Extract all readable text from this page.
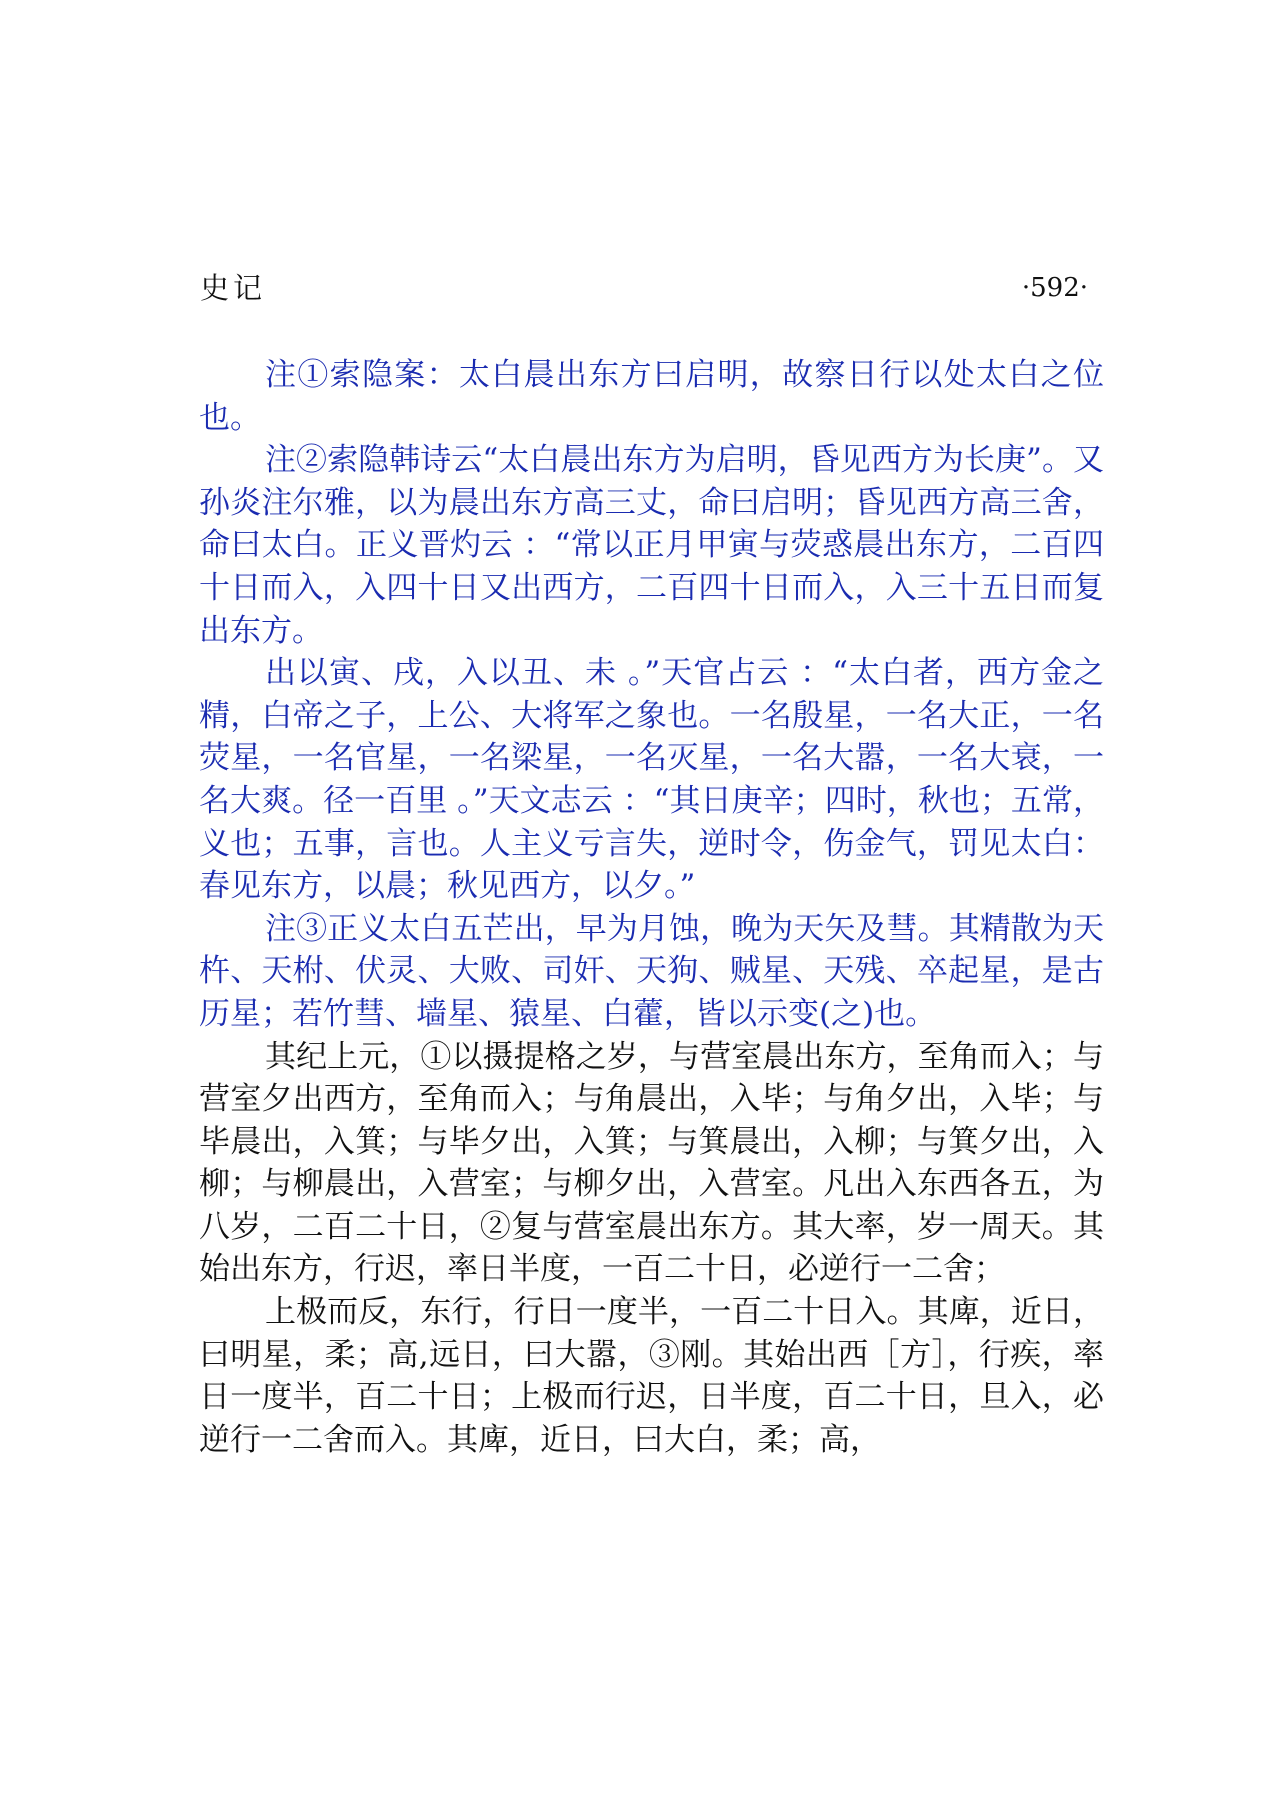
史记	·592·

注①索隐案：太白晨出东方曰启明，故察日行以处太白之位也。

注②索隐韩诗云“太白晨出东方为启明，昏见西方为长庚”。又孙炎注尔雅，以为晨出东方高三丈，命曰启明；昏见西方高三舍，命曰太白。正义晋灼云 ：“常以正月甲寅与荧惑晨出东方，二百四十日而入，入四十日又出西方，二百四十日而入，入三十五日而复出东方。

出以寅、戌，入以丑、未 。”天官占云 ：“太白者，西方金之精，白帝之子，上公、大将军之象也。一名殷星，一名大正，一名荧星，一名官星，一名梁星，一名灭星，一名大嚣，一名大衰，一名大爽。径一百里 。”天文志云 ：“其日庚辛；四时，秋也；五常，义也；五事，言也。人主义亏言失，逆时令，伤金气，罚见太白：春见东方，以晨；秋见西方，以夕。”

注③正义太白五芒出，早为月蚀，晚为天矢及彗。其精散为天杵、天柎、伏灵、大败、司奸、天狗、贼星、天残、卒起星，是古历星；若竹彗、墙星、猿星、白藿，皆以示变(之)也。

其纪上元，①以摄提格之岁，与营室晨出东方，至角而入；与营室夕出西方，至角而入；与角晨出，入毕；与角夕出，入毕；与毕晨出，入箕；与毕夕出，入箕；与箕晨出，入柳；与箕夕出，入柳；与柳晨出，入营室；与柳夕出，入营室。凡出入东西各五，为八岁，二百二十日，②复与营室晨出东方。其大率，岁一周天。其始出东方，行迟，率日半度，一百二十日，必逆行一二舍；

上极而反，东行，行日一度半，一百二十日入。其庳，近日，曰明星，柔；高,远日，曰大嚣，③刚。其始出西［方］，行疾，率日一度半，百二十日；上极而行迟，日半度，百二十日，旦入，必逆行一二舍而入。其庳，近日，曰大白，柔；高，
